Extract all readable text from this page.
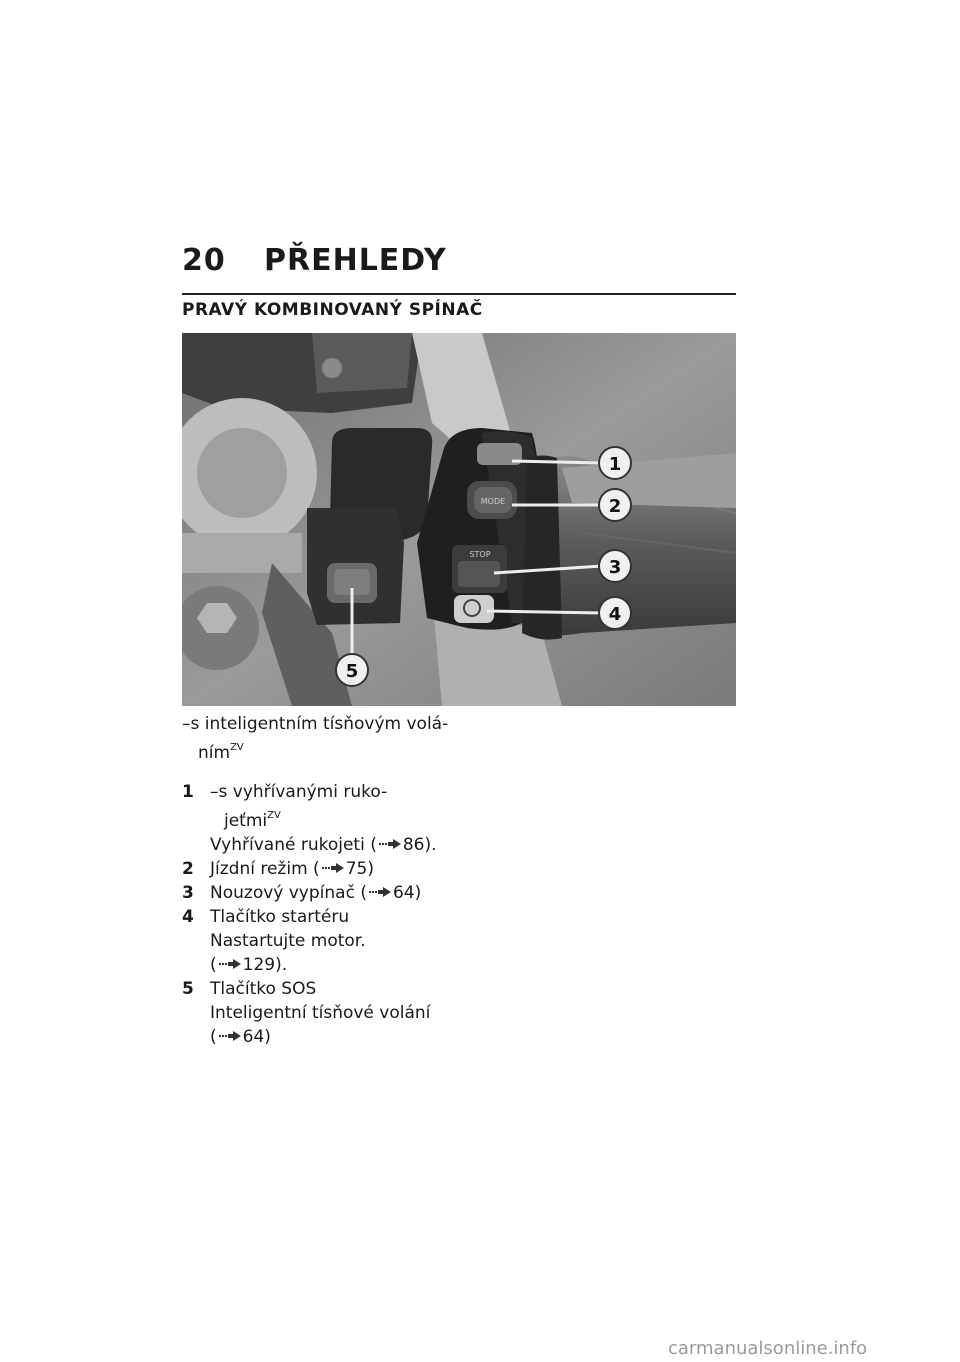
20	PŘEHLEDY
PRAVÝ KOMBINOVANÝ SPÍNAČ
MODE
STOP
1
2
3
4
5
–s inteligentním tísňovým volá-
ním$^{ZV}$
1 –s vyhřívanými ruko-
jeťmi$^{ZV}$
Vyhřívané rukojeti ( 86).
2 Jízdní režim ( 75)
3 Nouzový vypínač ( 64)
4 Tlačítko startéru
Nastartujte motor.
( 129).
5 Tlačítko SOS
Inteligentní tísňové volání
( 64)
carmanualsonline.info
